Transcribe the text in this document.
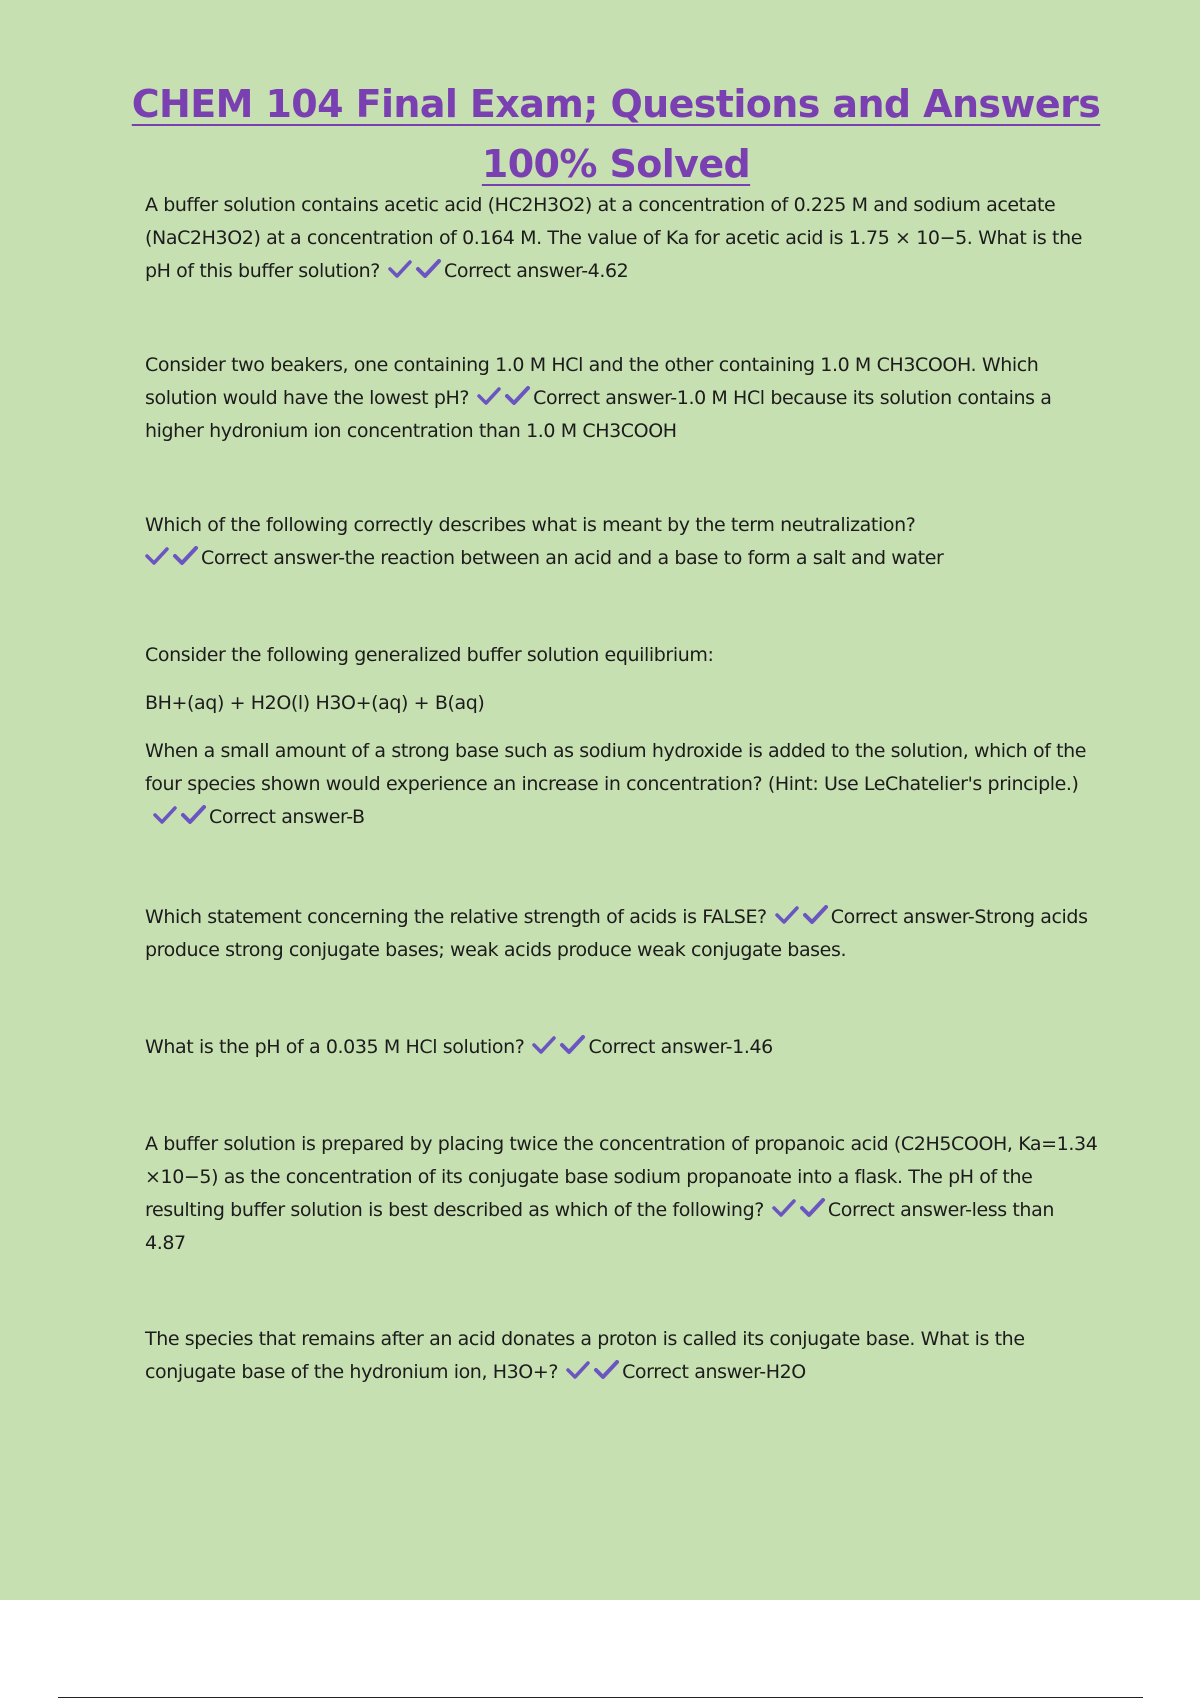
CHEM 104 Final Exam; Questions and Answers
100% Solved

A buffer solution contains acetic acid (HC2H3O2) at a concentration of 0.225 M and sodium acetate (NaC2H3O2) at a concentration of 0.164 M. The value of Ka for acetic acid is 1.75 × 10−5. What is the pH of this buffer solution?	Correct answer-4.62

Consider two beakers, one containing 1.0 M HCl and the other containing 1.0 M CH3COOH. Which solution would have the lowest pH?	Correct answer-1.0 M HCl because its solution contains a higher hydronium ion concentration than 1.0 M CH3COOH

Which of the following correctly describes what is meant by the term neutralization?

Correct answer-the reaction between an acid and a base to form a salt and water

Consider the following generalized buffer solution equilibrium:

BH+(aq) + H2O(l) H3O+(aq) + B(aq)

When a small amount of a strong base such as sodium hydroxide is added to the solution, which of the four species shown would experience an increase in concentration? (Hint: Use LeChatelier's principle.)
Correct answer-B

Which statement concerning the relative strength of acids is FALSE?	Correct answer-Strong acids produce strong conjugate bases; weak acids produce weak conjugate bases.

What is the pH of a 0.035 M HCl solution?	Correct answer-1.46

A buffer solution is prepared by placing twice the concentration of propanoic acid (C2H5COOH, Ka=1.34 ×10−5) as the concentration of its conjugate base sodium propanoate into a flask. The pH of the resulting buffer solution is best described as which of the following?	Correct answer-less than 4.87

The species that remains after an acid donates a proton is called its conjugate base. What is the conjugate base of the hydronium ion, H3O+?	Correct answer-H2O
